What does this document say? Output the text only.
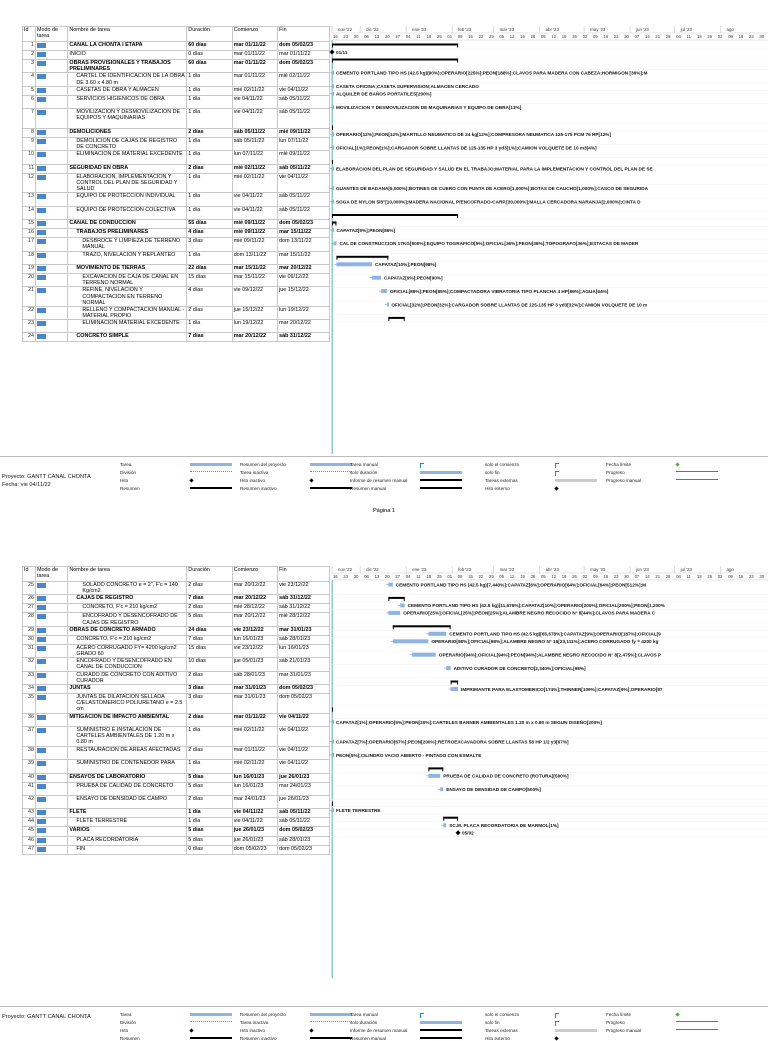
Id	Modo de tarea	Nombre de tarea	Duración	Comienzo	Fin
1		CANAL LA CHONTA I ETAPA	60 días	mar 01/11/22	dom 05/02/23
2		INICIO	0 días	mar 01/11/22	mar 01/11/22
3		OBRAS PROVISIONALES Y TRABAJOS PRELIMINARES	60 días	mar 01/11/22	dom 05/02/23
4		CARTEL DE IDENTIFICACION DE LA OBRA DE 3.60 x 4.80 m	1 día	mar 01/11/22	mié 02/11/22
5		CASETAS DE OBRA Y ALMACEN	1 día	mié 02/11/22	vie 04/11/22
6		SERVICIOS HIGIENICOS DE OBRA	1 día	vie 04/11/22	sáb 05/11/22
7		MOVILIZACION Y DESMOVILIZACION DE EQUIPOS Y MAQUINARIAS	1 día	vie 04/11/22	sáb 05/11/22
8		DEMOLICIONES	2 días	sáb 05/11/22	mié 09/11/22
9		DEMOLICION DE CAJAS DE REGISTRO DE CONCRETO	1 día	sáb 05/11/22	lun 07/11/22
10		ELIMINACION DE MATERIAL EXCEDENTE	1 día	lun 07/11/22	mié 09/11/22
11		SEGURIDAD EN OBRA	2 días	mié 02/11/22	sáb 05/11/22
12		ELABORACION, IMPLEMENTACION Y CONTROL DEL PLAN DE SEGURIDAD Y SALUD	1 día	mié 02/11/22	vie 04/11/22
13		EQUIPO DE PROTECCION INDIVIDUAL	1 día	vie 04/11/22	sáb 05/11/22
14		EQUIPO DE PROTECCION COLECTIVA	1 día	vie 04/11/22	sáb 05/11/22
15		CANAL DE CONDUCCION	55 días	mié 09/11/22	dom 05/02/23
16		TRABAJOS PRELIMINARES	4 días	mié 09/11/22	mar 15/11/22
17		DESBROCE Y LIMPIEZA DE TERRENO MANUAL	3 días	mié 09/11/22	dom 13/11/22
18		TRAZO, NIVELACION Y REPLANTEO	1 día	dom 13/11/22	mar 15/11/22
19		MOVIMIENTO DE TIERRAS	22 días	mar 15/11/22	mar 20/12/22
20		EXCAVACION DE CAJA DE CANAL EN TERRENO NORMAL	15 días	mar 15/11/22	vie 09/12/22
21		REFINE, NIVELACION Y COMPACTACION EN TERRENO NORMAL	4 días	vie 09/12/22	jue 15/12/22
22		RELLENO Y COMPACTACION MANUAL - MATERIAL PROPIO	2 días	jue 15/12/22	lun 19/12/22
23		ELIMINACION MATERIAL EXCEDENTE	1 día	lun 19/12/22	mar 20/12/22
24		CONCRETO SIMPLE	7 días	mar 20/12/22	sáb 31/12/22
nov '22	dic '22	ene '23	feb '23	mar '23	abr '23	may '23	jun '23	jul '23	ago
16 23 30 06 13 20 27 04 11 18 25 01 08 15 22 29 05 12 19 26 05 12 19 26 02 09 16 23 30 07 14 21 28 04 11 18 25 02 09 16 23 30
01/11
CEMENTO PORTLAND TIPO HS (42.5 kg)(90%);OPERARIO[225%];PEON[188%];CLAVOS PARA MADERA CON CABEZA;HORMIGON [36%];M
CASETA OFICINA;CASETA SUPERVISION;ALMACEN CERCADO
ALQUILER DE BAÑOS PORTATILES[200%]
MOVILIZACION Y DESMOVILIZACION DE MAQUINARIAS Y EQUIPO DE OBRA[13%]
OPERARIO[12%];PEON[12%];MARTILLO NEUMATICO DE 24 kg[12%];COMPRESORA NEUMATICA 125-175 PCM 76 HP[12%]
OFICIAL[1%];PEON[1%];CARGADOR SOBRE LLANTAS DE 125-135 HP 3 yd3[1%];CAMION VOLQUETE DE 10 m3[4%]
ELABORACION DEL PLAN DE SEGURIDAD Y SALUD EN EL TRABAJO;MATERIAL PARA LA IMPLEMENTACION Y CONTROL DEL PLAN DE SE
GUANTES DE BADANA[5,000%];BOTINES DE CUERO CON PUNTA DE ACERO[1,000%];BOTAS DE CAUCHO[1,000%];CASCO DE SEGURIDA
SOGA DE NYLON 5/8"[10,000%];MADERA NACIONAL P/ENCOFRADO-CARP.[30,000%];MALLA CERCADORA NARANJA[2,000%];CINTA D
CAPATAZ[9%];PEON[86%]
CAL DE CONSTRUCCION 17KG[900%];EQUIPO TOGRAFICO[5%];OFICIAL[36%];PEON[36%];TOPOGRAFO[36%];ESTACAS DE MADER
CAPATAZ[10%];PEON[98%]
CAPATAZ[9%];PEON[90%]
OFICIAL[89%];PEON[85%];COMPACTADORA VIBRATORIA TIPO PLANCHA 4 HP[89%];AGUA[64%]
OFICIAL[32%];PEON[32%];CARGADOR SOBRE LLANTAS DE 125-135 HP 3 yd3[32%];CAMION VOLQUETE DE 10 m
Proyecto: GANTT CANAL CHONTA
Fecha: vie 04/11/22
Tarea
División
Hito
Resumen
Resumen del proyecto
Tarea inactiva
Hito inactivo
Resumen inactivo
Tarea manual
solo duración
Informe de resumen manual
Resumen manual
solo el comienzo
solo fin
Tareas externas
Hito externo
Fecha límite
Progreso
Progreso manual
Página 1
Id	Modo de tarea	Nombre de tarea	Duración	Comienzo	Fin
25		SOLADO CONCRETO e = 2", F'c = 140 Kg/cm2	2 días	mar 20/12/22	vie 23/12/22
26		CAJAS DE REGISTRO	7 días	mar 20/12/22	sáb 31/12/22
27		CONCRETO, F'c = 210 kg/cm2	2 días	mié 28/12/22	sáb 31/12/22
28		ENCOFRADO Y DESENCOFRADO DE CAJAS DE REGISTRO	5 días	mar 20/12/22	mié 28/12/22
29		OBRAS DE CONCRETO ARMADO	24 días	vie 23/12/22	mar 31/01/23
30		CONCRETO, F'c = 210 kg/cm2	7 días	lun 16/01/23	sáb 28/01/23
31		ACERO CORRUGADO FY= 4200 kg/cm2 GRADO 60	15 días	vie 23/12/22	lun 16/01/23
32		ENCOFRADO Y DESENCOFRADO EN CANAL DE CONDUCCION	10 días	jue 05/01/23	sáb 21/01/23
33		CURADO DE CONCRETO CON ADITIVO CURADOR	2 días	sáb 28/01/23	mar 31/01/23
34		JUNTAS	3 días	mar 31/01/23	dom 05/02/23
35		JUNTAS DE DILATACION SELLADA C/ELASTOMERICO POLIURETANO e = 2.5 cm	3 días	mar 31/01/23	dom 05/02/23
36		MITIGACION DE IMPACTO AMBIENTAL	2 días	mar 01/11/22	vie 04/11/22
37		SUMINISTRO E INSTALACION DE CARTELES AMBIENTALES DE 1.20 m x 0.80 m	1 día	mié 02/11/22	vie 04/11/22
38		RESTAURACION DE AREAS AFECTADAS	2 días	mar 01/11/22	vie 04/11/22
39		SUMINISTRO DE CONTENEDOR PARA	1 día	mié 02/11/22	vie 04/11/22
40		ENSAYOS DE LABORATORIO	5 días	lun 16/01/23	jue 26/01/23
41		PRUEBA DE CALIDAD DE CONCRETO	5 días	lun 16/01/23	mar 24/01/23
42		ENSAYO DE DENSIDAD DE CAMPO	2 días	mar 24/01/23	jue 26/01/23
43		FLETE	1 día	vie 04/11/22	sáb 05/11/22
44		FLETE TERRESTRE	1 día	vie 04/11/22	sáb 05/11/22
45		VARIOS	5 días	jue 26/01/23	dom 05/02/23
46		PLACA RECORDATORIA	5 días	jue 26/01/23	sáb 28/01/23
47		FIN	0 días	dom 05/02/23	dom 05/02/23
nov '22	dic '22	ene '23	feb '23	mar '23	abr '23	may '23	jun '23	jul '23	ago
16 23 30 06 13 20 27 04 11 18 25 01 08 15 22 29 05 12 19 26 05 12 19 26 02 09 16 23 30 07 14 21 28 04 11 18 25 02 09 16 23 30
CEMENTO PORTLAND TIPO HS (42.5 kg)[7,440%];CAPATAZ[6%];OPERARIO[64%];OFICIAL[64%];PEON[512%];M
CEMENTO PORTLAND TIPO HS (42.5 kg)[11,676%];CAPATAZ[10%];OPERARIO[200%];OFICIAL[200%];PEON[1,200%
OPERARIO[25%];OFICIAL[25%];PEON[25%];ALAMBRE NEGRO RECOCIDO N° 8[44%];CLAVOS PARA MADERA C
CEMENTO PORTLAND TIPO HS (42.5 kg)[65,678%];CAPATAZ[9%];OPERARIO[187%];OFICIAL[9
OPERARIO[98%];OFICIAL[98%];ALAMBRE NEGRO N° 16[23,111%];ACERO CORRUGADO fy = 4200 kg
OPERARIO[94%];OFICIAL[94%];PEON[94%];ALAMBRE NEGRO RECOCIDO N° 8[2,475%];CLAVOS P
ADITIVO CURADOR DE CONCRETO[2,340%];OFICIAL[98%]
IMPRIMANTE PARA ELASTOMERICO[174%];THINNER[109%];CAPATAZ[9%];OPERARIO[87
CAPATAZ[1%];OPERARIO[5%];PEON[20%];CARTELES BANNER AMBIENTALES 1.20 m x 0.80 m SEGUN DISEÑO[200%]
CAPATAZ[7%];OPERARIO[67%];PEON[200%];RETROEXCAVADORA SOBRE LLANTAS 58 HP 1/2 y3[67%]
PEON[5%];CILINDRO VACIO ABIERTO - PINTADO CON ESMALTE
PRUEBA DE CALIDAD DE CONCRETO (ROTURA)[500%]
ENSAYO DE DENSIDAD DE CAMPO[500%]
FLETE TERRESTRE
SC.M. PLACA RECORDATORIA DE MARMOL[1%]
05/02
Proyecto: GANTT CANAL CHONTA	Tarea
División
Hito
Resumen
Resumen del proyecto
Tarea inactiva
Hito inactivo
Resumen inactivo
Tarea manual
solo duración
Informe de resumen manual
Resumen manual
solo el comienzo
solo fin
Tareas externas
Hito externo
Fecha límite
Progreso
Progreso manual
